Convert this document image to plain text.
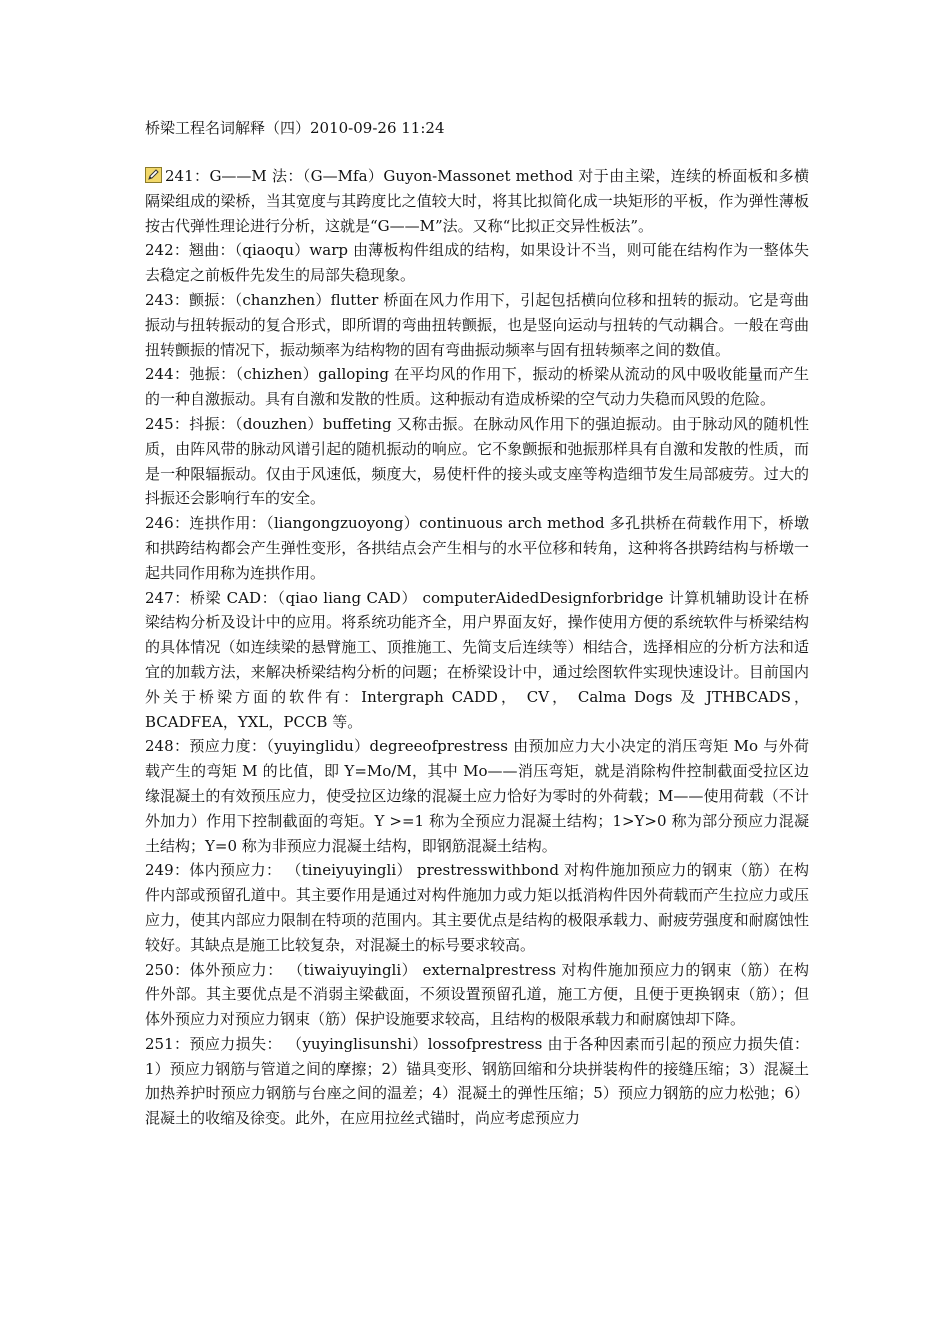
桥梁工程名词解释（四）2010-09-26 11:24

241：G——M 法：（G—Mfa）Guyon-Massonet method 对于由主梁，连续的桥面板和多横隔梁组成的梁桥，当其宽度与其跨度比之值较大时，将其比拟简化成一块矩形的平板，作为弹性薄板按古代弹性理论进行分析，这就是“G——M”法。又称“比拟正交异性板法”。

242：翘曲：（qiaoqu）warp 由薄板构件组成的结构，如果设计不当，则可能在结构作为一整体失去稳定之前板件先发生的局部失稳现象。

243：颤振：（chanzhen）flutter 桥面在风力作用下，引起包括横向位移和扭转的振动。它是弯曲振动与扭转振动的复合形式，即所谓的弯曲扭转颤振，也是竖向运动与扭转的气动耦合。一般在弯曲扭转颤振的情况下，振动频率为结构物的固有弯曲振动频率与固有扭转频率之间的数值。

244：弛振：（chizhen）galloping 在平均风的作用下，振动的桥梁从流动的风中吸收能量而产生的一种自激振动。具有自激和发散的性质。这种振动有造成桥梁的空气动力失稳而风毁的危险。

245：抖振：（douzhen）buffeting 又称击振。在脉动风作用下的强迫振动。由于脉动风的随机性质，由阵风带的脉动风谱引起的随机振动的响应。它不象颤振和弛振那样具有自激和发散的性质，而是一种限辐振动。仅由于风速低，频度大，易使杆件的接头或支座等构造细节发生局部疲劳。过大的抖振还会影响行车的安全。

246：连拱作用：（liangongzuoyong）continuous arch method 多孔拱桥在荷载作用下，桥墩和拱跨结构都会产生弹性变形，各拱结点会产生相与的水平位移和转角，这种将各拱跨结构与桥墩一起共同作用称为连拱作用。

247：桥梁 CAD：（qiao liang CAD） computerAidedDesignforbridge 计算机辅助设计在桥梁结构分析及设计中的应用。将系统功能齐全，用户界面友好，操作使用方便的系统软件与桥梁结构的具体情况（如连续梁的悬臂施工、顶推施工、先简支后连续等）相结合，选择相应的分析方法和适宜的加载方法，来解决桥梁结构分析的问题；在桥梁设计中，通过绘图软件实现快速设计。目前国内外关于桥梁方面的软件有：Intergraph CADD， CV， Calma Dogs 及 JTHBCADS，BCADFEA，YXL，PCCB 等。

248：预应力度：（yuyinglidu）degreeofprestress 由预加应力大小决定的消压弯矩 Mo 与外荷载产生的弯矩 M 的比值，即 Y=Mo/M，其中 Mo——消压弯矩，就是消除构件控制截面受拉区边缘混凝土的有效预压应力，使受拉区边缘的混凝土应力恰好为零时的外荷载；M——使用荷载（不计外加力）作用下控制截面的弯矩。Y >=1 称为全预应力混凝土结构；1>Y>0 称为部分预应力混凝土结构；Y=0 称为非预应力混凝土结构，即钢筋混凝土结构。

249：体内预应力： （tineiyuyingli） prestresswithbond 对构件施加预应力的钢束（筋）在构件内部或预留孔道中。其主要作用是通过对构件施加力或力矩以抵消构件因外荷载而产生拉应力或压应力，使其内部应力限制在特项的范围内。其主要优点是结构的极限承载力、耐疲劳强度和耐腐蚀性较好。其缺点是施工比较复杂，对混凝土的标号要求较高。

250：体外预应力： （tiwaiyuyingli） externalprestress 对构件施加预应力的钢束（筋）在构件外部。其主要优点是不消弱主梁截面，不须设置预留孔道，施工方便，且便于更换钢束（筋）；但体外预应力对预应力钢束（筋）保护设施要求较高，且结构的极限承载力和耐腐蚀却下降。

251：预应力损失： （yuyinglisunshi）lossofprestress 由于各种因素而引起的预应力损失值：1）预应力钢筋与管道之间的摩擦；2）锚具变形、钢筋回缩和分块拼装构件的接缝压缩；3）混凝土加热养护时预应力钢筋与台座之间的温差；4）混凝土的弹性压缩；5）预应力钢筋的应力松弛；6）混凝土的收缩及徐变。此外，在应用拉丝式锚时，尚应考虑预应力
